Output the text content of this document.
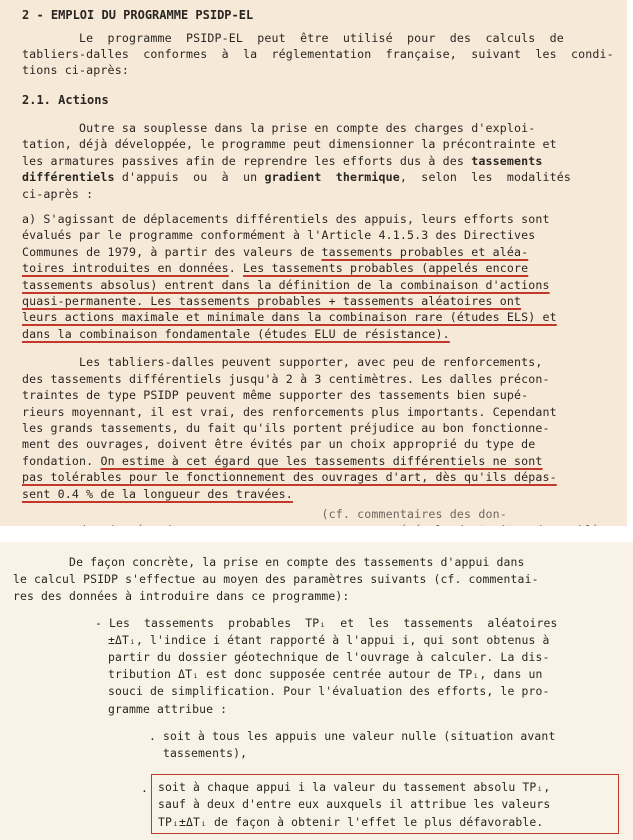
2 - EMPLOI DU PROGRAMME PSIDP-EL
Le  programme  PSIDP-EL  peut  être  utilisé  pour  des  calculs  de
tabliers-dalles  conformes  à  la  réglementation  française,  suivant  les  condi-
tions ci-après:
2.1. Actions
Outre sa souplesse dans la prise en compte des charges d'exploi-
tation, déjà développée, le programme peut dimensionner la précontrainte et
les armatures passives afin de reprendre les efforts dus à des tassements
différentiels d'appuis  ou  à  un gradient  thermique,  selon  les  modalités
ci-après :
a) S'agissant de déplacements différentiels des appuis, leurs efforts sont
évalués par le programme conformément à l'Article 4.1.5.3 des Directives
Communes de 1979, à partir des valeurs de tassements probables et aléa-
toires introduites en données. Les tassements probables (appelés encore
tassements absolus) entrent dans la définition de la combinaison d'actions
quasi-permanente. Les tassements probables + tassements aléatoires ont
leurs actions maximale et minimale dans la combinaison rare (études ELS) et
dans la combinaison fondamentale (études ELU de résistance).
Les tabliers-dalles peuvent supporter, avec peu de renforcements,
des tassements différentiels jusqu'à 2 à 3 centimètres. Les dalles précon-
traintes de type PSIDP peuvent même supporter des tassements bien supé-
rieurs moyennant, il est vrai, des renforcements plus importants. Cependant
les grands tassements, du fait qu'ils portent préjudice au bon fonctionne-
ment des ouvrages, doivent être évités par un choix approprié du type de
fondation. On estime à cet égard que les tassements différentiels ne sont
pas tolérables pour le fonctionnement des ouvrages d'art, dès qu'ils dépas-
sent 0.4 % de la longueur des travées.
(cf. commentaires des don-
De façon concrète, la prise en compte des tassements d'appui dans
le calcul PSIDP s'effectue au moyen des paramètres suivants (cf. commentai-
res des données à introduire dans ce programme):
- Les  tassements  probables  TPᵢ  et  les  tassements  aléatoires
±ΔTᵢ, l'indice i étant rapporté à l'appui i, qui sont obtenus à
partir du dossier géotechnique de l'ouvrage à calculer. La dis-
tribution ΔTᵢ est donc supposée centrée autour de TPᵢ, dans un
souci de simplification. Pour l'évaluation des efforts, le pro-
gramme attribue :
. soit à tous les appuis une valeur nulle (situation avant
tassements),
. soit à chaque appui i la valeur du tassement absolu TPᵢ,
sauf à deux d'entre eux auxquels il attribue les valeurs
TPᵢ±ΔTᵢ de façon à obtenir l'effet le plus défavorable.
